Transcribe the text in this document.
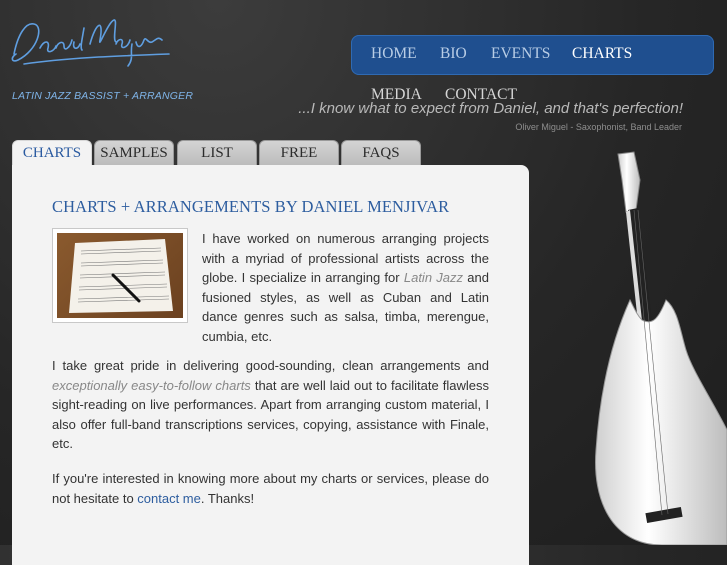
LATIN JAZZ BASSIST + ARRANGER
HOME BIO EVENTS CHARTS
MEDIA CONTACT
...I know what to expect from Daniel, and that's perfection!
Oliver Miguel - Saxophonist, Band Leader
CHARTS	SAMPLES	LIST	FREE	FAQS
CHARTS + ARRANGEMENTS BY DANIEL MENJIVAR
I have worked on numerous arranging projects with a myriad of professional artists across the globe. I specialize in arranging for Latin Jazz and fusioned styles, as well as Cuban and Latin dance genres such as salsa, timba, merengue, cumbia, etc.
I take great pride in delivering good-sounding, clean arrangements and exceptionally easy-to-follow charts that are well laid out to facilitate flawless sight-reading on live performances. Apart from arranging custom material, I also offer full-band transcriptions services, copying, assistance with Finale, etc.
If you're interested in knowing more about my charts or services, please do not hesitate to contact me. Thanks!
